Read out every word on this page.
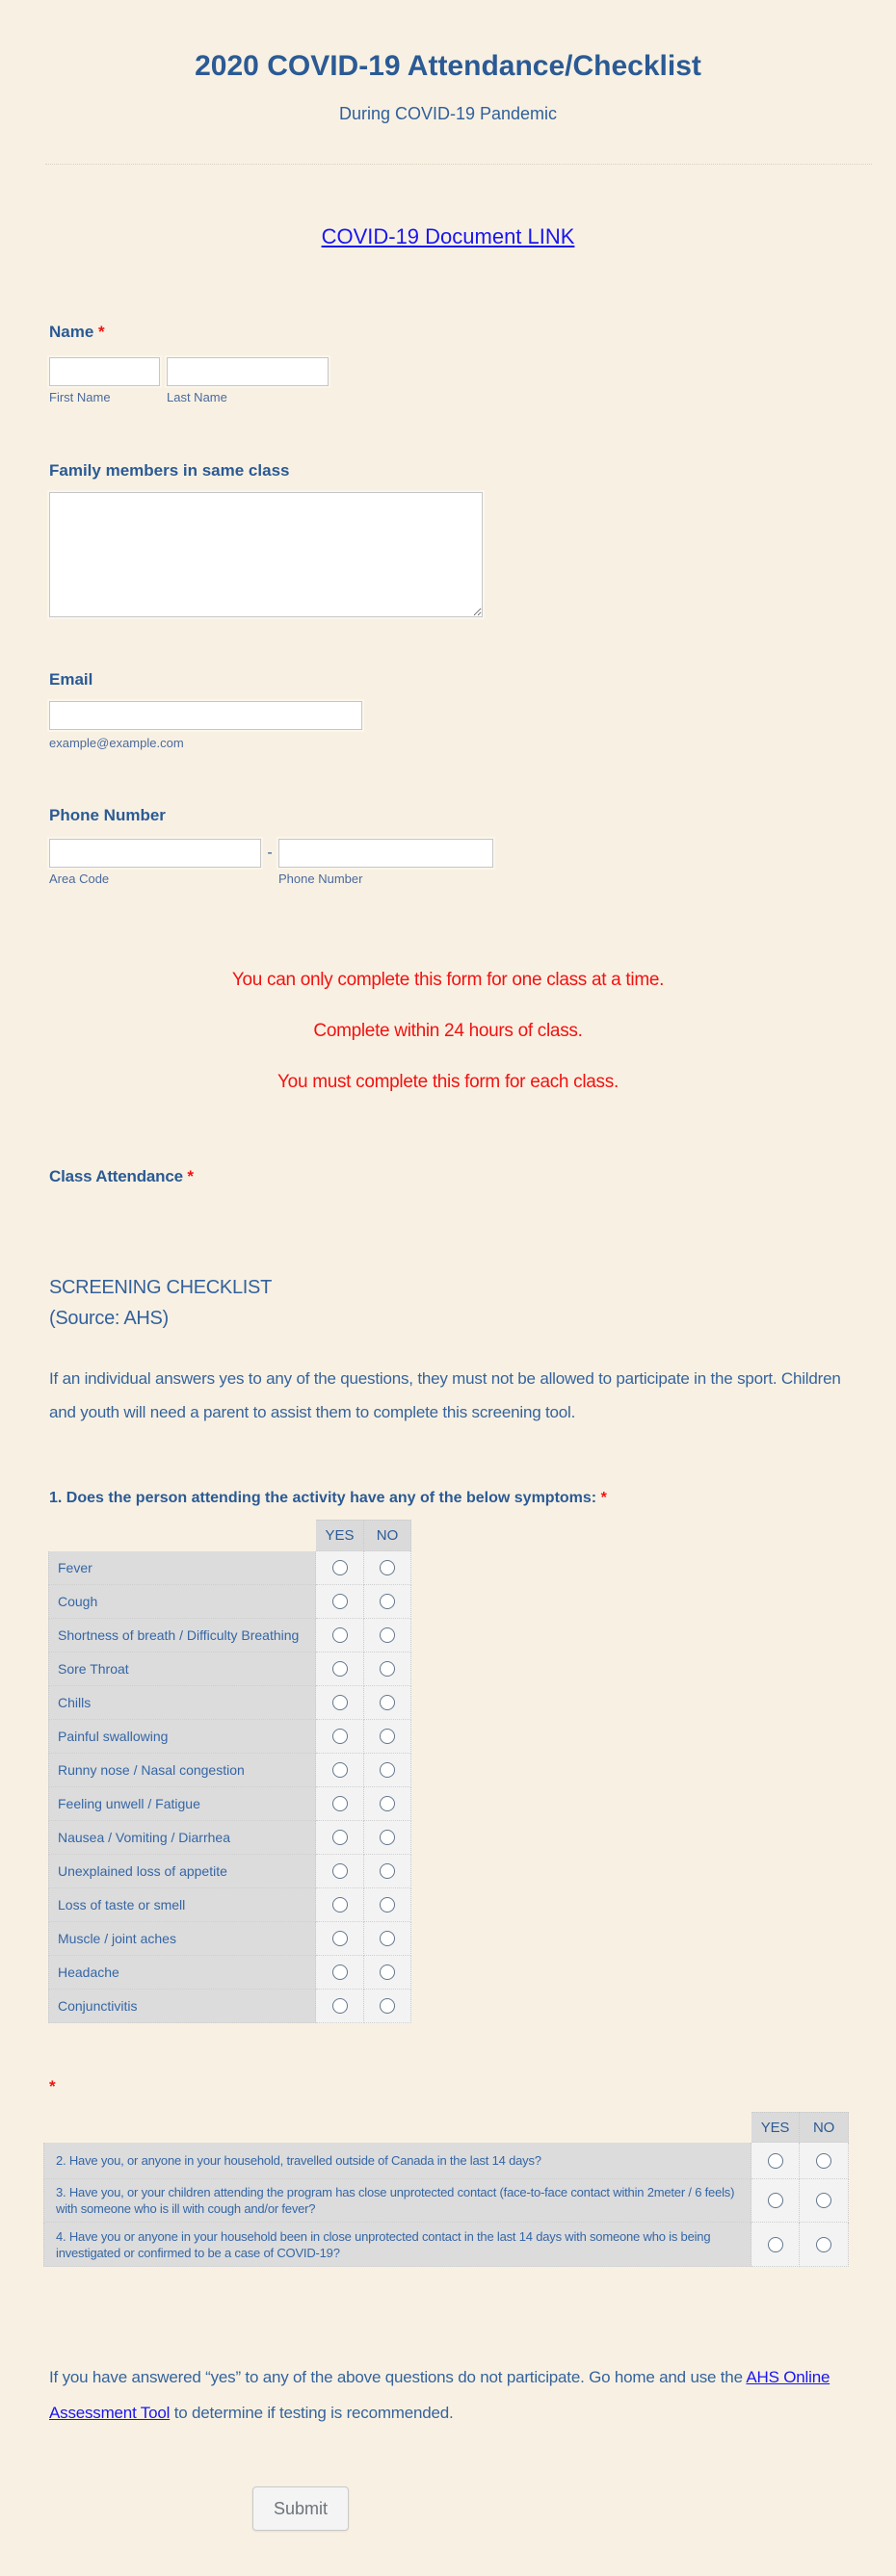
2020 COVID-19 Attendance/Checklist
During COVID-19 Pandemic
COVID-19 Document LINK
Name *
First Name	Last Name
Family members in same class
Email
example@example.com
Phone Number
-
Area Code	Phone Number
You can only complete this form for one class at a time.
Complete within 24 hours of class.
You must complete this form for each class.
Class Attendance *
SCREENING CHECKLIST
(Source: AHS)
If an individual answers yes to any of the questions, they must not be allowed to participate in the sport. Children and youth will need a parent to assist them to complete this screening tool.
1. Does the person attending the activity have any of the below symptoms: *
YES	NO
Fever
Cough
Shortness of breath / Difficulty Breathing
Sore Throat
Chills
Painful swallowing
Runny nose / Nasal congestion
Feeling unwell / Fatigue
Nausea / Vomiting / Diarrhea
Unexplained loss of appetite
Loss of taste or smell
Muscle / joint aches
Headache
Conjunctivitis
*
YES	NO
2. Have you, or anyone in your household, travelled outside of Canada in the last 14 days?
3. Have you, or your children attending the program has close unprotected contact (face-to-face contact within 2meter / 6 feels) with someone who is ill with cough and/or fever?
4. Have you or anyone in your household been in close unprotected contact in the last 14 days with someone who is being investigated or confirmed to be a case of COVID-19?
If you have answered “yes” to any of the above questions do not participate. Go home and use the AHS Online Assessment Tool to determine if testing is recommended.
Submit
